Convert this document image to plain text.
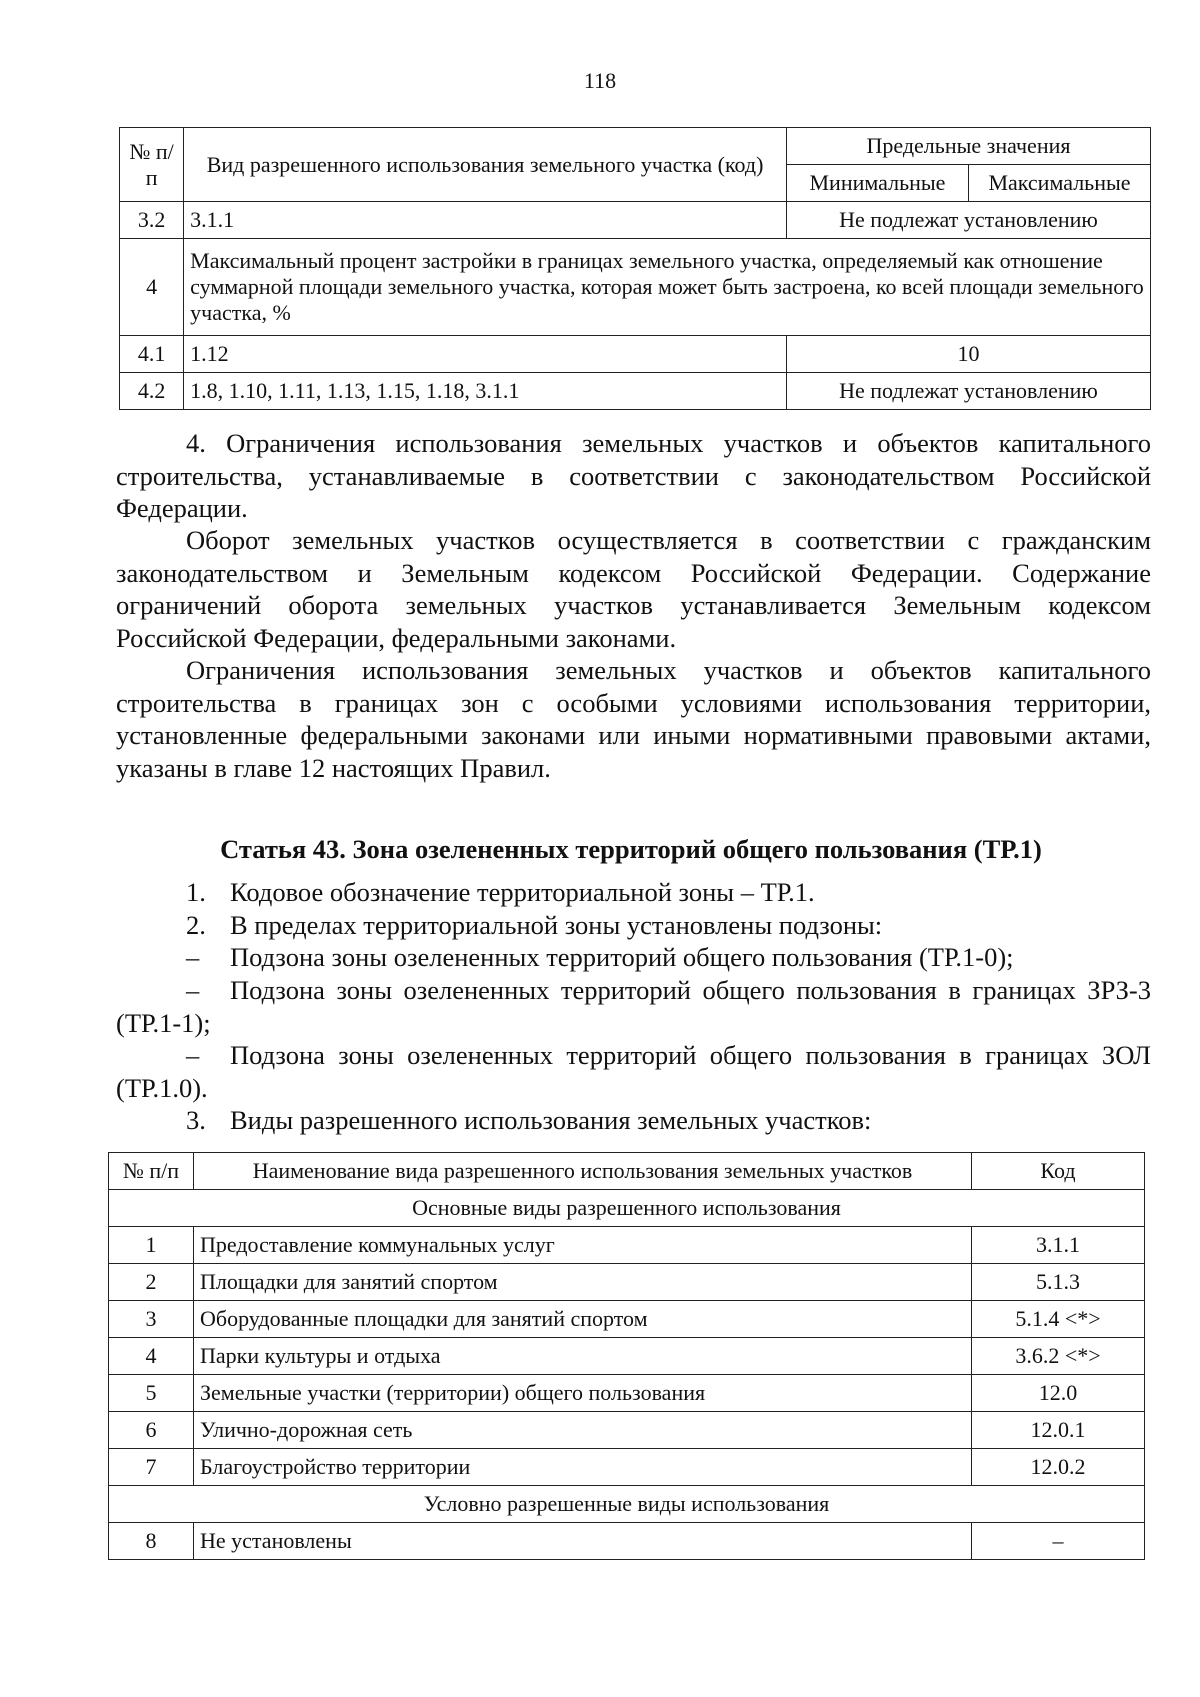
118
№ п/п	Вид разрешенного использования земельного участка (код)	Предельные значения	
		Минимальные	Максимальные
3.2	3.1.1	Не подлежат установлению	
4	Максимальный процент застройки в границах земельного участка, определяемый как отношение суммарной площади земельного участка, которая может быть застроена, ко всей площади земельного участка, %		
4.1	1.12	10	
4.2	1.8, 1.10, 1.11, 1.13, 1.15, 1.18, 3.1.1	Не подлежат установлению	
4. Ограничения использования земельных участков и объектов капитального строительства, устанавливаемые в соответствии с законодательством Российской Федерации.
Оборот земельных участков осуществляется в соответствии с гражданским законодательством и Земельным кодексом Российской Федерации. Содержание ограничений оборота земельных участков устанавливается Земельным кодексом Российской Федерации, федеральными законами.
Ограничения использования земельных участков и объектов капитального строительства в границах зон с особыми условиями использования территории, установленные федеральными законами или иными нормативными правовыми актами, указаны в главе 12 настоящих Правил.
Статья 43. Зона озелененных территорий общего пользования (ТР.1)
1. Кодовое обозначение территориальной зоны – ТР.1.
2. В пределах территориальной зоны установлены подзоны:
– Подзона зоны озелененных территорий общего пользования (ТР.1-0);
– Подзона зоны озелененных территорий общего пользования в границах ЗРЗ-3 (ТР.1-1);
– Подзона зоны озелененных территорий общего пользования в границах ЗОЛ (ТР.1.0).
3. Виды разрешенного использования земельных участков:
№ п/п	Наименование вида разрешенного использования земельных участков	Код
Основные виды разрешенного использования		
1	Предоставление коммунальных услуг	3.1.1
2	Площадки для занятий спортом	5.1.3
3	Оборудованные площадки для занятий спортом	5.1.4 <*>
4	Парки культуры и отдыха	3.6.2 <*>
5	Земельные участки (территории) общего пользования	12.0
6	Улично-дорожная сеть	12.0.1
7	Благоустройство территории	12.0.2
Условно разрешенные виды использования		
8	Не установлены	–
